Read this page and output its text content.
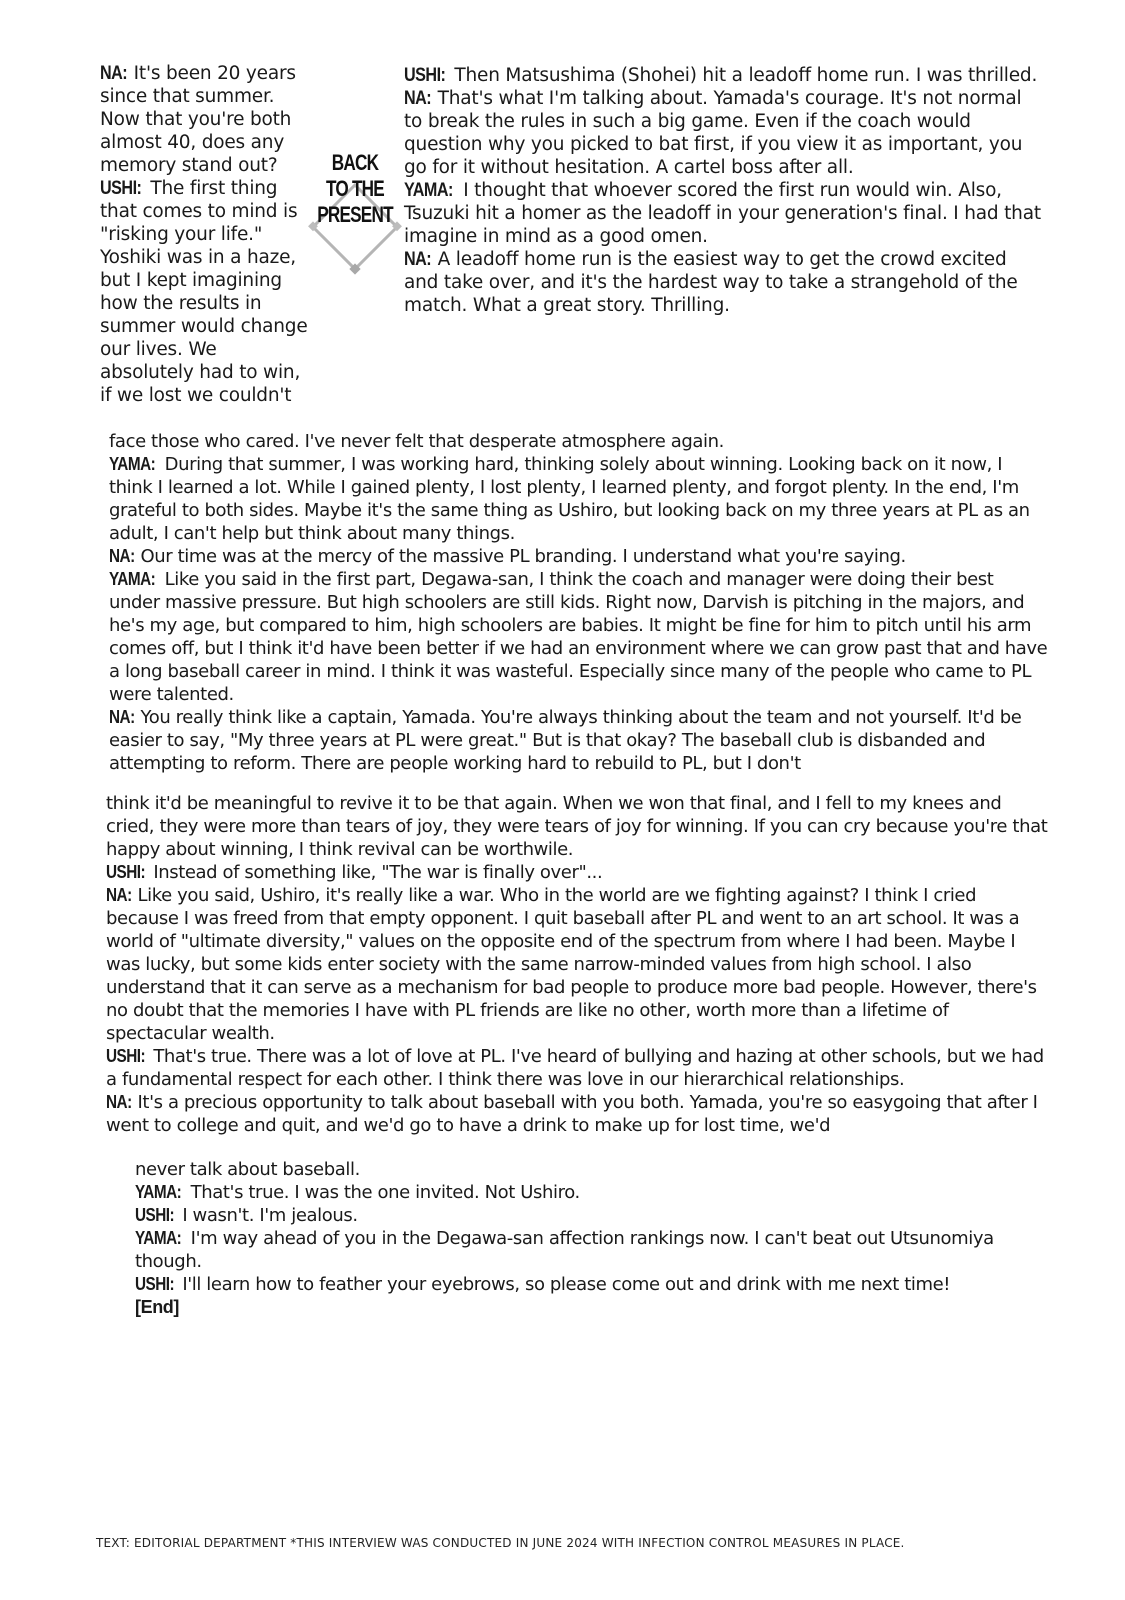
BACK
TO THE
PRESENT

NA: It's been 20 years since that summer. Now that you're both almost 40, does any memory stand out?

USHI: The first thing that comes to mind is "risking your life." Yoshiki was in a haze, but I kept imagining how the results in summer would change our lives. We absolutely had to win, if we lost we couldn't

USHI: Then Matsushima (Shohei) hit a leadoff home run. I was thrilled.

NA: That's what I'm talking about. Yamada's courage. It's not normal to break the rules in such a big game. Even if the coach would question why you picked to bat first, if you view it as important, you go for it without hesitation. A cartel boss after all.

YAMA: I thought that whoever scored the first run would win. Also, Tsuzuki hit a homer as the leadoff in your generation's final. I had that imagine in mind as a good omen.

NA: A leadoff home run is the easiest way to get the crowd excited and take over, and it's the hardest way to take a strangehold of the match. What a great story. Thrilling.

face those who cared. I've never felt that desperate atmosphere again.

YAMA: During that summer, I was working hard, thinking solely about winning. Looking back on it now, I think I learned a lot. While I gained plenty, I lost plenty, I learned plenty, and forgot plenty. In the end, I'm grateful to both sides. Maybe it's the same thing as Ushiro, but looking back on my three years at PL as an adult, I can't help but think about many things.

NA: Our time was at the mercy of the massive PL branding. I understand what you're saying.

YAMA: Like you said in the first part, Degawa-san, I think the coach and manager were doing their best under massive pressure. But high schoolers are still kids. Right now, Darvish is pitching in the majors, and he's my age, but compared to him, high schoolers are babies. It might be fine for him to pitch until his arm comes off, but I think it'd have been better if we had an environment where we can grow past that and have a long baseball career in mind. I think it was wasteful. Especially since many of the people who came to PL were talented.

NA: You really think like a captain, Yamada. You're always thinking about the team and not yourself. It'd be easier to say, "My three years at PL were great." But is that okay? The baseball club is disbanded and attempting to reform. There are people working hard to rebuild to PL, but I don't

think it'd be meaningful to revive it to be that again. When we won that final, and I fell to my knees and cried, they were more than tears of joy, they were tears of joy for winning. If you can cry because you're that happy about winning, I think revival can be worthwile.

USHI: Instead of something like, "The war is finally over"...

NA: Like you said, Ushiro, it's really like a war. Who in the world are we fighting against? I think I cried because I was freed from that empty opponent. I quit baseball after PL and went to an art school. It was a world of "ultimate diversity," values on the opposite end of the spectrum from where I had been. Maybe I was lucky, but some kids enter society with the same narrow-minded values from high school. I also understand that it can serve as a mechanism for bad people to produce more bad people. However, there's no doubt that the memories I have with PL friends are like no other, worth more than a lifetime of spectacular wealth.

USHI: That's true. There was a lot of love at PL. I've heard of bullying and hazing at other schools, but we had a fundamental respect for each other. I think there was love in our hierarchical relationships.

NA: It's a precious opportunity to talk about baseball with you both. Yamada, you're so easygoing that after I went to college and quit, and we'd go to have a drink to make up for lost time, we'd

never talk about baseball.

YAMA: That's true. I was the one invited. Not Ushiro.

USHI: I wasn't. I'm jealous.

YAMA: I'm way ahead of you in the Degawa-san affection rankings now. I can't beat out Utsunomiya though.

USHI: I'll learn how to feather your eyebrows, so please come out and drink with me next time!

[End]

TEXT: EDITORIAL DEPARTMENT *THIS INTERVIEW WAS CONDUCTED IN JUNE 2024 WITH INFECTION CONTROL MEASURES IN PLACE.
